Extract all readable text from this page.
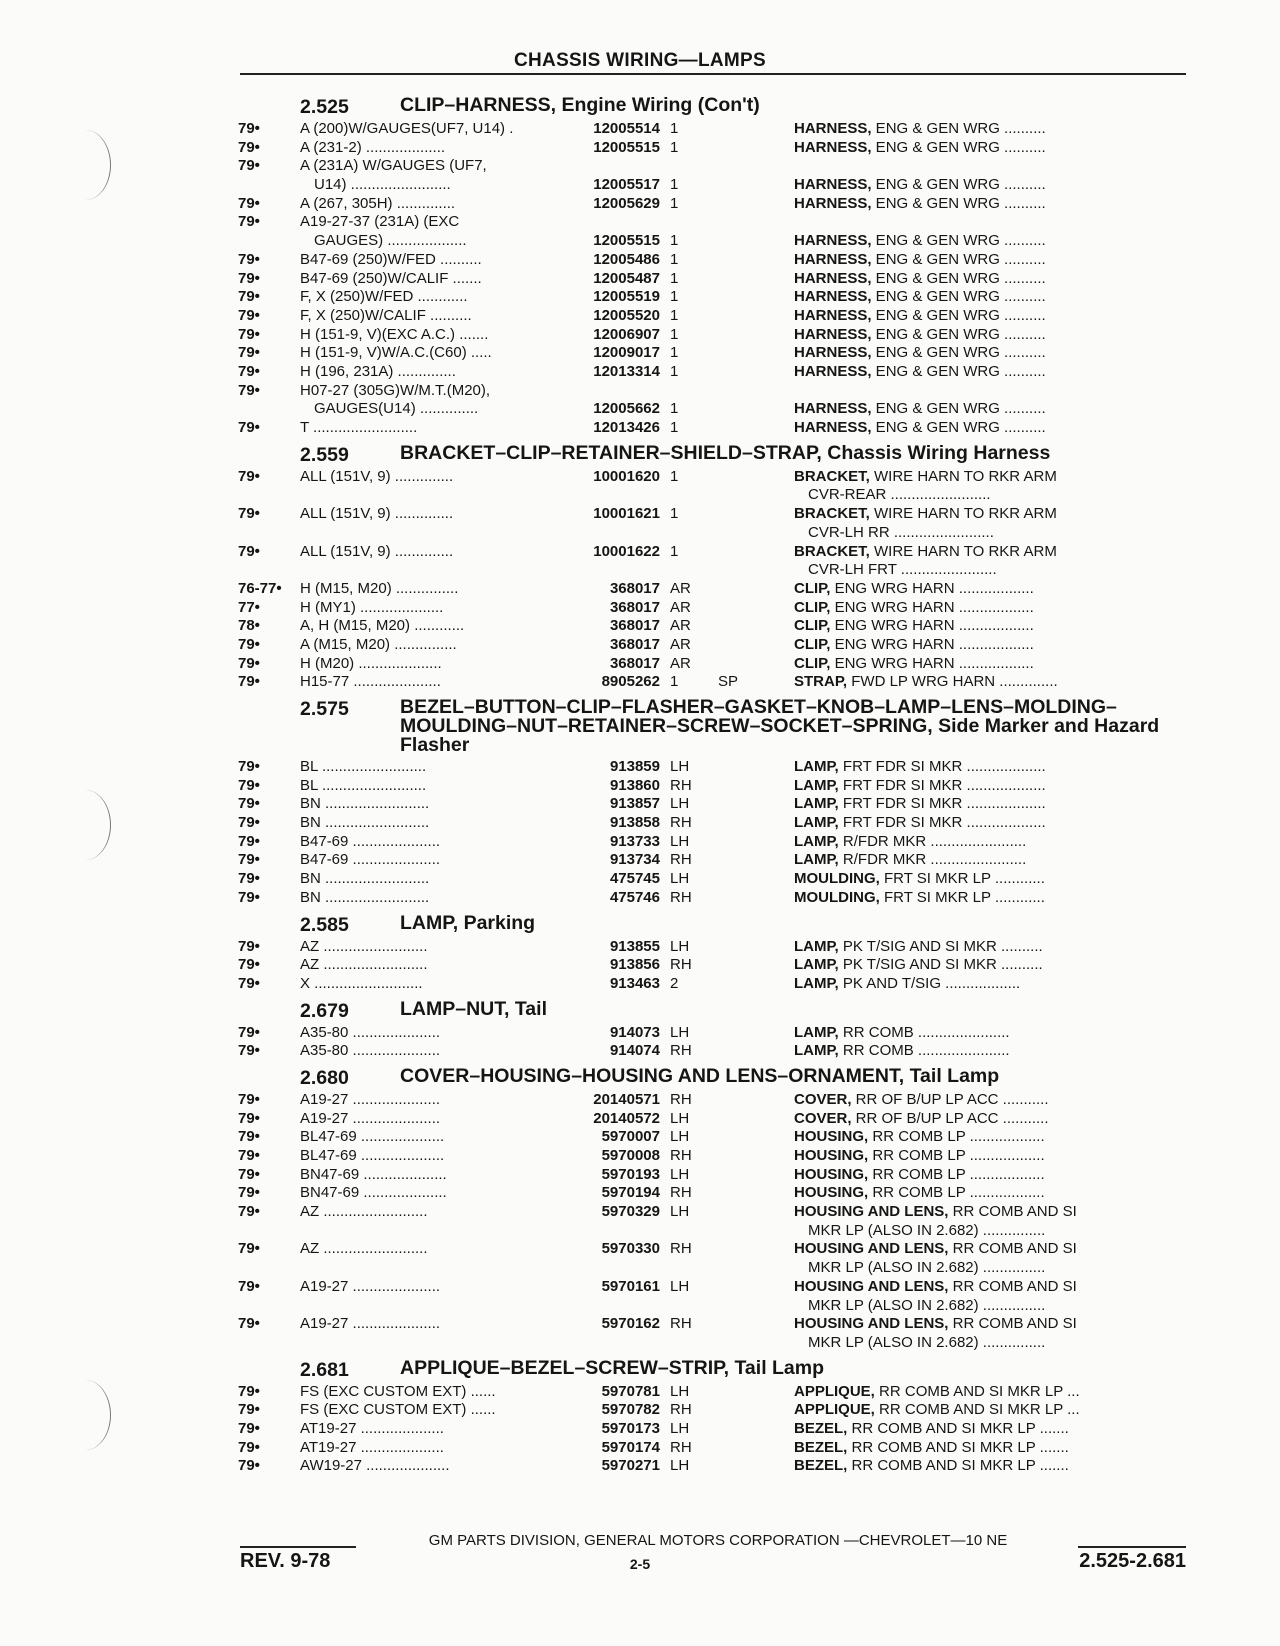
CHASSIS WIRING—LAMPS
2.525	CLIP–HARNESS, Engine Wiring (Con't)
79•	A (200)W/GAUGES(UF7, U14) .	12005514 1	HARNESS, ENG & GEN WRG ..........
79•	A (231-2) ...................	12005515 1	HARNESS, ENG & GEN WRG ..........
79•	A (231A) W/GAUGES (UF7,
U14) ........................	12005517 1	HARNESS, ENG & GEN WRG ..........
79•	A (267, 305H) ..............	12005629 1	HARNESS, ENG & GEN WRG ..........
79•	A19-27-37 (231A) (EXC
GAUGES) ...................	12005515 1	HARNESS, ENG & GEN WRG ..........
79•	B47-69 (250)W/FED ..........	12005486 1	HARNESS, ENG & GEN WRG ..........
79•	B47-69 (250)W/CALIF .......	12005487 1	HARNESS, ENG & GEN WRG ..........
79•	F, X (250)W/FED ............	12005519 1	HARNESS, ENG & GEN WRG ..........
79•	F, X (250)W/CALIF ..........	12005520 1	HARNESS, ENG & GEN WRG ..........
79•	H (151-9, V)(EXC A.C.) .......	12006907 1	HARNESS, ENG & GEN WRG ..........
79•	H (151-9, V)W/A.C.(C60) .....	12009017 1	HARNESS, ENG & GEN WRG ..........
79•	H (196, 231A) ..............	12013314 1	HARNESS, ENG & GEN WRG ..........
79•	H07-27 (305G)W/M.T.(M20),
GAUGES(U14) ..............	12005662 1	HARNESS, ENG & GEN WRG ..........
79•	T .........................	12013426 1	HARNESS, ENG & GEN WRG ..........
2.559	BRACKET–CLIP–RETAINER–SHIELD–STRAP, Chassis Wiring Harness
79•	ALL (151V, 9) ..............	10001620 1	BRACKET, WIRE HARN TO RKR ARM
CVR-REAR ........................
79•	ALL (151V, 9) ..............	10001621 1	BRACKET, WIRE HARN TO RKR ARM
CVR-LH RR ........................
79•	ALL (151V, 9) ..............	10001622 1	BRACKET, WIRE HARN TO RKR ARM
CVR-LH FRT .......................
76-77• H (M15, M20) ...............	368017 AR	CLIP, ENG WRG HARN ..................
77•	H (MY1) ....................	368017 AR	CLIP, ENG WRG HARN ..................
78•	A, H (M15, M20) ............	368017 AR	CLIP, ENG WRG HARN ..................
79•	A (M15, M20) ...............	368017 AR	CLIP, ENG WRG HARN ..................
79•	H (M20) ....................	368017 AR	CLIP, ENG WRG HARN ..................
79•	H15-77 .....................	8905262 1	SP	STRAP, FWD LP WRG HARN ..............
2.575	BEZEL–BUTTON–CLIP–FLASHER–GASKET–KNOB–LAMP–LENS–MOLDING–MOULDING–NUT–RETAINER–SCREW–SOCKET–SPRING, Side Marker and Hazard Flasher
79•	BL .........................	913859 LH	LAMP, FRT FDR SI MKR ...................
79•	BL .........................	913860 RH	LAMP, FRT FDR SI MKR ...................
79•	BN .........................	913857 LH	LAMP, FRT FDR SI MKR ...................
79•	BN .........................	913858 RH	LAMP, FRT FDR SI MKR ...................
79•	B47-69 .....................	913733 LH	LAMP, R/FDR MKR .......................
79•	B47-69 .....................	913734 RH	LAMP, R/FDR MKR .......................
79•	BN .........................	475745 LH	MOULDING, FRT SI MKR LP ............
79•	BN .........................	475746 RH	MOULDING, FRT SI MKR LP ............
2.585	LAMP, Parking
79•	AZ .........................	913855 LH	LAMP, PK T/SIG AND SI MKR ..........
79•	AZ .........................	913856 RH	LAMP, PK T/SIG AND SI MKR ..........
79•	X ..........................	913463 2	LAMP, PK AND T/SIG ..................
2.679	LAMP–NUT, Tail
79•	A35-80 .....................	914073 LH	LAMP, RR COMB ......................
79•	A35-80 .....................	914074 RH	LAMP, RR COMB ......................
2.680	COVER–HOUSING–HOUSING AND LENS–ORNAMENT, Tail Lamp
79•	A19-27 .....................	20140571 RH	COVER, RR OF B/UP LP ACC ...........
79•	A19-27 .....................	20140572 LH	COVER, RR OF B/UP LP ACC ...........
79•	BL47-69 ....................	5970007 LH	HOUSING, RR COMB LP ..................
79•	BL47-69 ....................	5970008 RH	HOUSING, RR COMB LP ..................
79•	BN47-69 ....................	5970193 LH	HOUSING, RR COMB LP ..................
79•	BN47-69 ....................	5970194 RH	HOUSING, RR COMB LP ..................
79•	AZ .........................	5970329 LH	HOUSING AND LENS, RR COMB AND SI
MKR LP (ALSO IN 2.682) ...............
79•	AZ .........................	5970330 RH	HOUSING AND LENS, RR COMB AND SI
MKR LP (ALSO IN 2.682) ...............
79•	A19-27 .....................	5970161 LH	HOUSING AND LENS, RR COMB AND SI
MKR LP (ALSO IN 2.682) ...............
79•	A19-27 .....................	5970162 RH	HOUSING AND LENS, RR COMB AND SI
MKR LP (ALSO IN 2.682) ...............
2.681	APPLIQUE–BEZEL–SCREW–STRIP, Tail Lamp
79•	FS (EXC CUSTOM EXT) ......	5970781 LH	APPLIQUE, RR COMB AND SI MKR LP ...
79•	FS (EXC CUSTOM EXT) ......	5970782 RH	APPLIQUE, RR COMB AND SI MKR LP ...
79•	AT19-27 ....................	5970173 LH	BEZEL, RR COMB AND SI MKR LP .......
79•	AT19-27 ....................	5970174 RH	BEZEL, RR COMB AND SI MKR LP .......
79•	AW19-27 ....................	5970271 LH	BEZEL, RR COMB AND SI MKR LP .......
GM PARTS DIVISION, GENERAL MOTORS CORPORATION —CHEVROLET—10 NE
REV. 9-78	2-5	2.525-2.681
